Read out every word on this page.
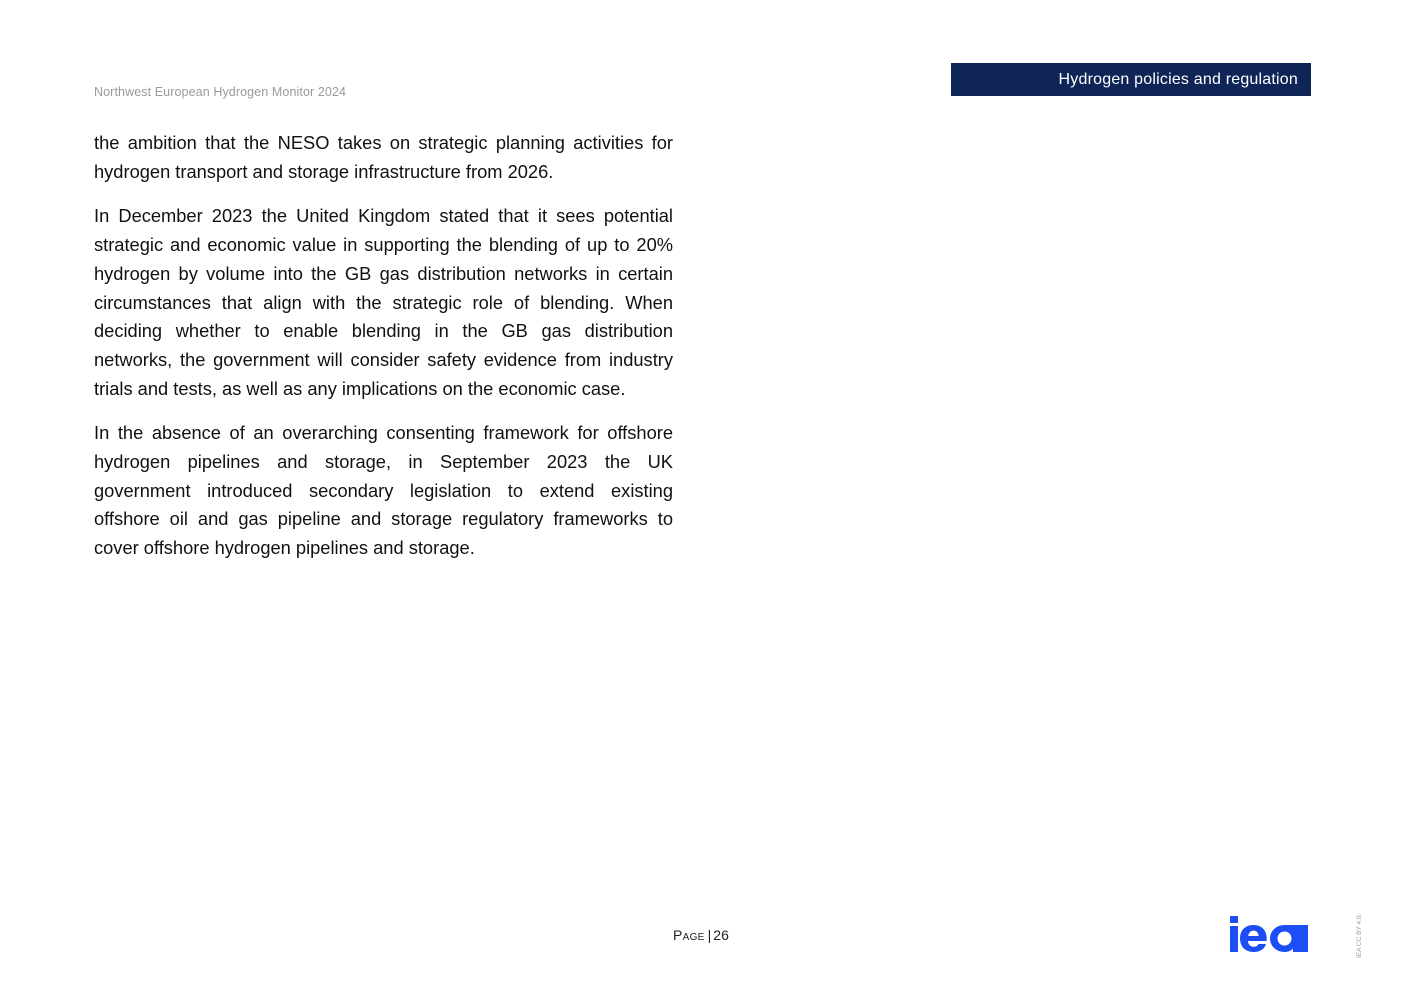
Northwest European Hydrogen Monitor 2024
Hydrogen policies and regulation

the ambition that the NESO takes on strategic planning activities for hydrogen transport and storage infrastructure from 2026.

In December 2023 the United Kingdom stated that it sees potential strategic and economic value in supporting the blending of up to 20% hydrogen by volume into the GB gas distribution networks in certain circumstances that align with the strategic role of blending. When deciding whether to enable blending in the GB gas distribution networks, the government will consider safety evidence from industry trials and tests, as well as any implications on the economic case.

In the absence of an overarching consenting framework for offshore hydrogen pipelines and storage, in September 2023 the UK government introduced secondary legislation to extend existing offshore oil and gas pipeline and storage regulatory frameworks to cover offshore hydrogen pipelines and storage.

Page | 26	IEA CC BY 4.0.
